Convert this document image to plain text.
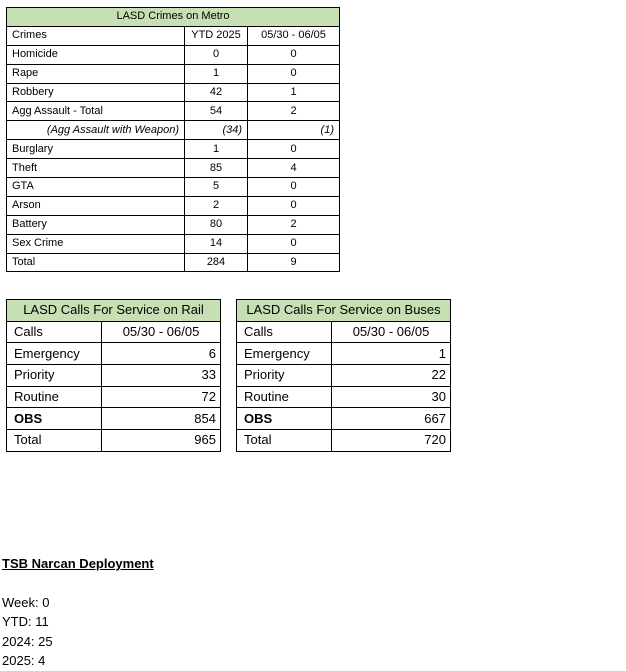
LASD Crimes on Metro		
Crimes	YTD 2025	05/30 - 06/05
Homicide	0	0
Rape	1	0
Robbery	42	1
Agg Assault - Total	54	2
(Agg Assault with Weapon)	(34)	(1)
Burglary	1	0
Theft	85	4
GTA	5	0
Arson	2	0
Battery	80	2
Sex Crime	14	0
Total	284	9
LASD Calls For Service on Rail	
Calls	05/30 - 06/05
Emergency	6
Priority	33
Routine	72
OBS	854
Total	965
LASD Calls For Service on Buses	
Calls	05/30 - 06/05
Emergency	1
Priority	22
Routine	30
OBS	667
Total	720
TSB Narcan Deployment
Week: 0
YTD: 11
2024: 25
2025: 4
